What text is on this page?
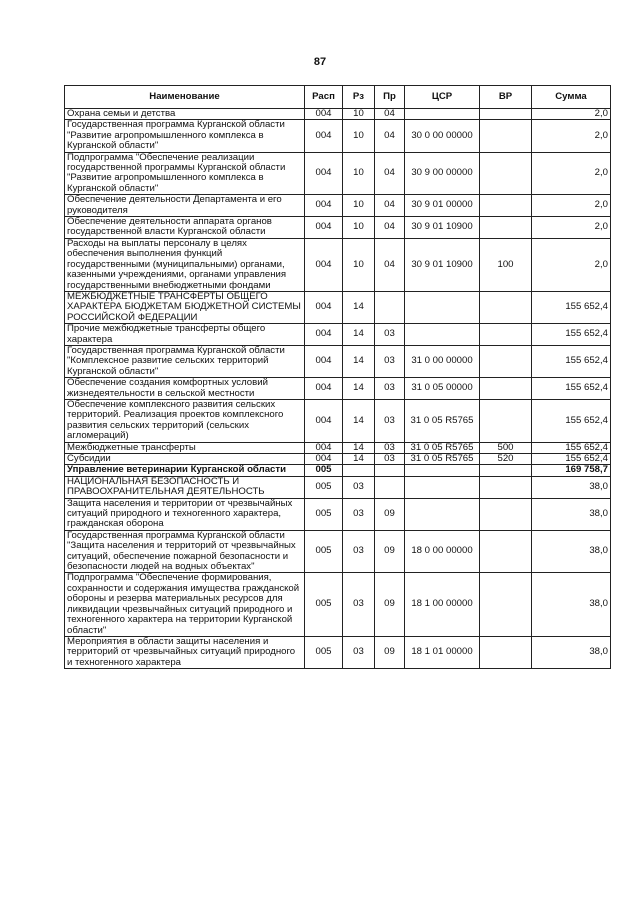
87
Наименование	Расп	Рз	Пр	ЦСР	ВР	Сумма
Охрана семьи и детства	004	10	04			2,0
Государственная программа Курганской области "Развитие агропромышленного комплекса в Курганской области"	004	10	04	30 0 00 00000		2,0
Подпрограмма "Обеспечение реализации государственной программы Курганской области "Развитие агропромышленного комплекса в Курганской области"	004	10	04	30 9 00 00000		2,0
Обеспечение деятельности Департамента и его руководителя	004	10	04	30 9 01 00000		2,0
Обеспечение деятельности аппарата органов государственной власти Курганской области	004	10	04	30 9 01 10900		2,0
Расходы на выплаты персоналу в целях обеспечения выполнения функций государственными (муниципальными) органами, казенными учреждениями, органами управления государственными внебюджетными фондами	004	10	04	30 9 01 10900	100	2,0
МЕЖБЮДЖЕТНЫЕ ТРАНСФЕРТЫ ОБЩЕГО ХАРАКТЕРА БЮДЖЕТАМ БЮДЖЕТНОЙ СИСТЕМЫ РОССИЙСКОЙ ФЕДЕРАЦИИ	004	14				155 652,4
Прочие межбюджетные трансферты общего характера	004	14	03			155 652,4
Государственная программа Курганской области "Комплексное развитие сельских территорий Курганской области"	004	14	03	31 0 00 00000		155 652,4
Обеспечение создания комфортных условий жизнедеятельности в сельской местности	004	14	03	31 0 05 00000		155 652,4
Обеспечение комплексного развития сельских территорий. Реализация проектов комплексного развития сельских территорий (сельских агломераций)	004	14	03	31 0 05 R5765		155 652,4
Межбюджетные трансферты	004	14	03	31 0 05 R5765	500	155 652,4
Субсидии	004	14	03	31 0 05 R5765	520	155 652,4
Управление ветеринарии Курганской области	005					169 758,7
НАЦИОНАЛЬНАЯ БЕЗОПАСНОСТЬ И ПРАВООХРАНИТЕЛЬНАЯ ДЕЯТЕЛЬНОСТЬ	005	03				38,0
Защита населения и территории от чрезвычайных ситуаций природного и техногенного характера, гражданская оборона	005	03	09			38,0
Государственная программа Курганской области "Защита населения и территорий от чрезвычайных ситуаций, обеспечение пожарной безопасности и безопасности людей на водных объектах"	005	03	09	18 0 00 00000		38,0
Подпрограмма "Обеспечение формирования, сохранности и содержания имущества гражданской обороны и резерва материальных ресурсов для ликвидации чрезвычайных ситуаций природного и техногенного характера на территории Курганской области"	005	03	09	18 1 00 00000		38,0
Мероприятия в области защиты населения и территорий от чрезвычайных ситуаций природного и техногенного характера	005	03	09	18 1 01 00000		38,0
